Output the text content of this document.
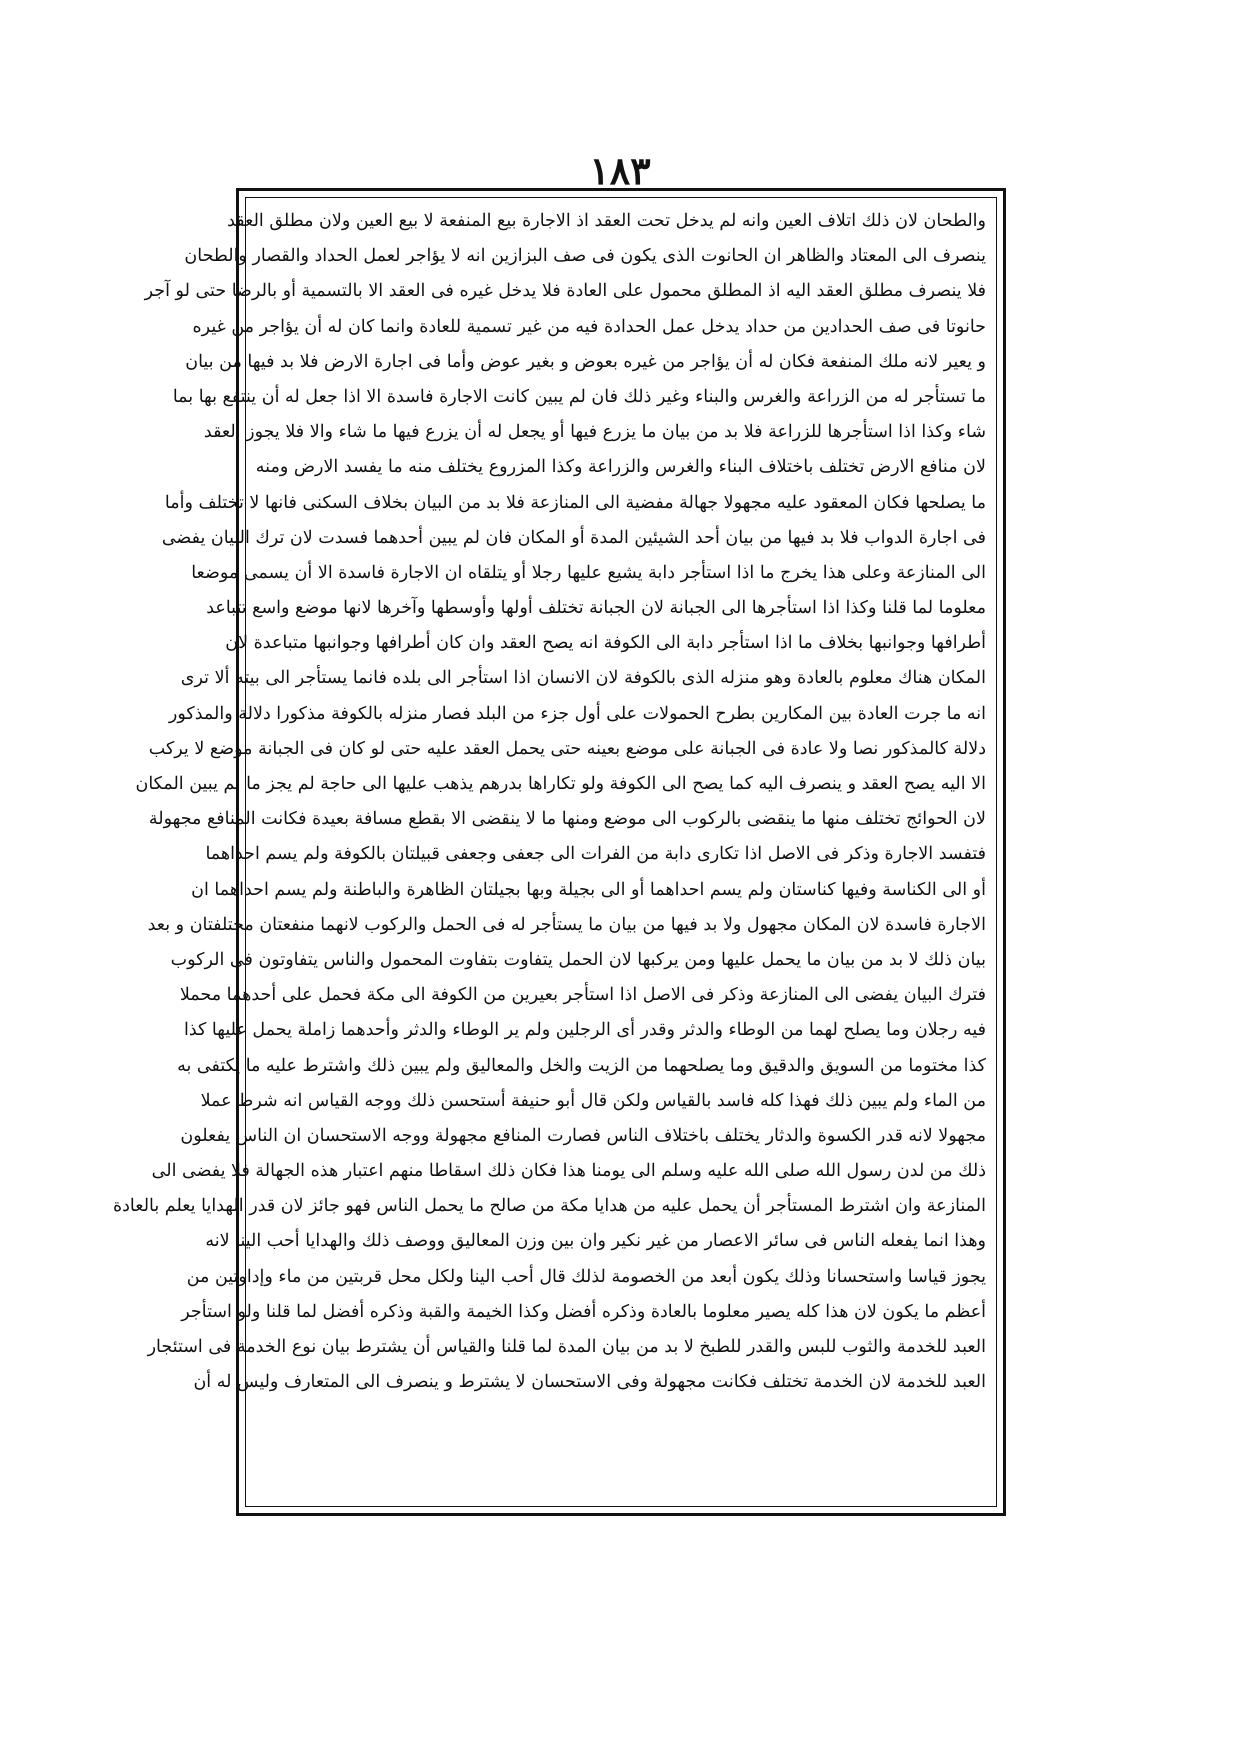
١٨٣
والطحان لان ذلك اتلاف العين وانه لم يدخل تحت العقد اذ الاجارة بيع المنفعة لا بيع العين ولان مطلق العقد
ينصرف الى المعتاد والظاهر ان الحانوت الذى يكون فى صف البزازين انه لا يؤاجر لعمل الحداد والقصار والطحان
فلا ينصرف مطلق العقد اليه اذ المطلق محمول على العادة فلا يدخل غيره فى العقد الا بالتسمية أو بالرضا حتى لو آجر
حانوتا فى صف الحدادين من حداد يدخل عمل الحدادة فيه من غير تسمية للعادة وانما كان له أن يؤاجر من غيره
و يعير لانه ملك المنفعة فكان له أن يؤاجر من غيره بعوض و بغير عوض وأما فى اجارة الارض فلا بد فيها من بيان
ما تستأجر له من الزراعة والغرس والبناء وغير ذلك فان لم يبين كانت الاجارة فاسدة الا اذا جعل له أن ينتفع بها بما
شاء وكذا اذا استأجرها للزراعة فلا بد من بيان ما يزرع فيها أو يجعل له أن يزرع فيها ما شاء والا فلا يجوز العقد
لان منافع الارض تختلف باختلاف البناء والغرس والزراعة وكذا المزروع يختلف منه ما يفسد الارض ومنه
ما يصلحها فكان المعقود عليه مجهولا جهالة مفضية الى المنازعة فلا بد من البيان بخلاف السكنى فانها لا تختلف وأما
فى اجارة الدواب فلا بد فيها من بيان أحد الشيئين المدة أو المكان فان لم يبين أحدهما فسدت لان ترك البيان يفضى
الى المنازعة وعلى هذا يخرج ما اذا استأجر دابة يشيع عليها رجلا أو يتلقاه ان الاجارة فاسدة الا أن يسمى موضعا
معلوما لما قلنا وكذا اذا استأجرها الى الجبانة لان الجبانة تختلف أولها وأوسطها وآخرها لانها موضع واسع تتباعد
أطرافها وجوانبها بخلاف ما اذا استأجر دابة الى الكوفة انه يصح العقد وان كان أطرافها وجوانبها متباعدة لان
المكان هناك معلوم بالعادة وهو منزله الذى بالكوفة لان الانسان اذا استأجر الى بلده فانما يستأجر الى بيته ألا ترى
انه ما جرت العادة بين المكارين بطرح الحمولات على أول جزء من البلد فصار منزله بالكوفة مذكورا دلالة والمذكور
دلالة كالمذكور نصا ولا عادة فى الجبانة على موضع بعينه حتى يحمل العقد عليه حتى لو كان فى الجبانة موضع لا يركب
الا اليه يصح العقد و ينصرف اليه كما يصح الى الكوفة ولو تكاراها بدرهم يذهب عليها الى حاجة لم يجز ما لم يبين المكان
لان الحوائج تختلف منها ما ينقضى بالركوب الى موضع ومنها ما لا ينقضى الا بقطع مسافة بعيدة فكانت المنافع مجهولة
فتفسد الاجارة وذكر فى الاصل اذا تكارى دابة من الفرات الى جعفى وجعفى قبيلتان بالكوفة ولم يسم احداهما
أو الى الكناسة وفيها كناستان ولم يسم احداهما أو الى بجيلة وبها بجيلتان الظاهرة والباطنة ولم يسم احداهما ان
الاجارة فاسدة لان المكان مجهول ولا بد فيها من بيان ما يستأجر له فى الحمل والركوب لانهما منفعتان مختلفتان و بعد
بيان ذلك لا بد من بيان ما يحمل عليها ومن يركبها لان الحمل يتفاوت بتفاوت المحمول والناس يتفاوتون فى الركوب
فترك البيان يفضى الى المنازعة وذكر فى الاصل اذا استأجر بعيرين من الكوفة الى مكة فحمل على أحدهما محملا
فيه رجلان وما يصلح لهما من الوطاء والدثر وقدر أى الرجلين ولم ير الوطاء والدثر وأحدهما زاملة يحمل عليها كذا
كذا مختوما من السويق والدقيق وما يصلحهما من الزيت والخل والمعاليق ولم يبين ذلك واشترط عليه ما يكتفى به
من الماء ولم يبين ذلك فهذا كله فاسد بالقياس ولكن قال أبو حنيفة أستحسن ذلك ووجه القياس انه شرط عملا
مجهولا لانه قدر الكسوة والدثار يختلف باختلاف الناس فصارت المنافع مجهولة ووجه الاستحسان ان الناس يفعلون
ذلك من لدن رسول الله صلى الله عليه وسلم الى يومنا هذا فكان ذلك اسقاطا منهم اعتبار هذه الجهالة فلا يفضى الى
المنازعة وان اشترط المستأجر أن يحمل عليه من هدايا مكة من صالح ما يحمل الناس فهو جائز لان قدر الهدايا يعلم بالعادة
وهذا انما يفعله الناس فى سائر الاعصار من غير نكير وان بين وزن المعاليق ووصف ذلك والهدايا أحب الينا لانه
يجوز قياسا واستحسانا وذلك يكون أبعد من الخصومة لذلك قال أحب الينا ولكل محل قربتين من ماء وإداوتين من
أعظم ما يكون لان هذا كله يصير معلوما بالعادة وذكره أفضل وكذا الخيمة والقبة وذكره أفضل لما قلنا ولو استأجر
العبد للخدمة والثوب للبس والقدر للطبخ لا بد من بيان المدة لما قلنا والقياس أن يشترط بيان نوع الخدمة فى استئجار
العبد للخدمة لان الخدمة تختلف فكانت مجهولة وفى الاستحسان لا يشترط و ينصرف الى المتعارف وليس له أن
